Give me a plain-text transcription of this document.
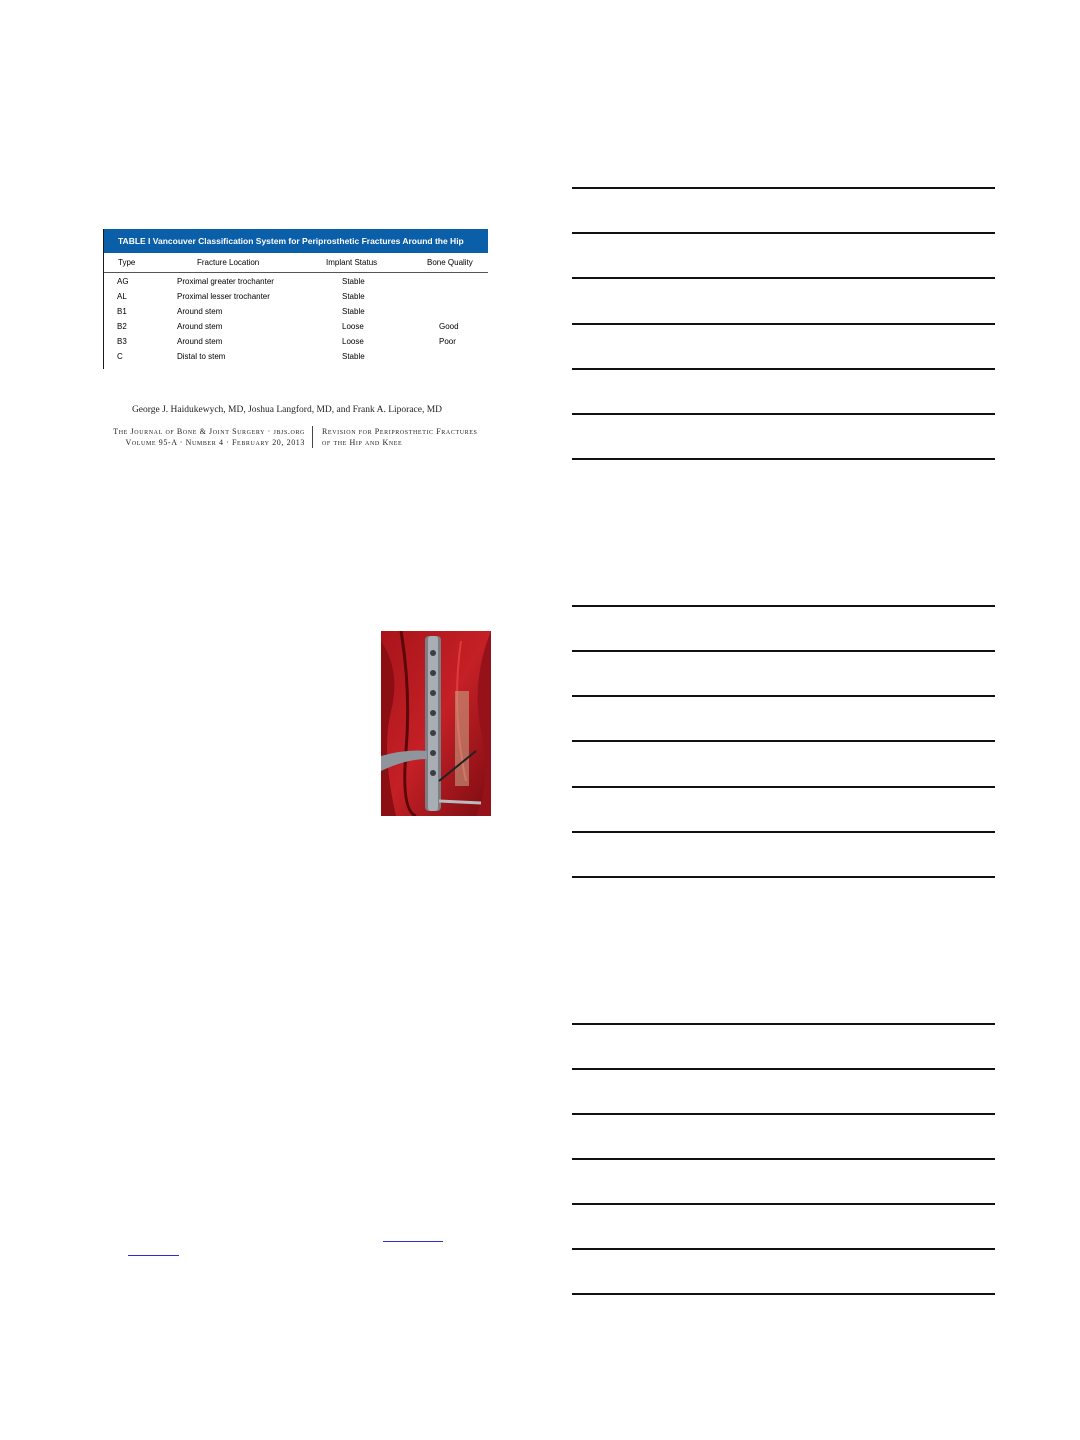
TABLE I Vancouver Classification System for Periprosthetic Fractures Around the Hip
Type	Fracture Location	Implant Status	Bone Quality
AG	Proximal greater trochanter	Stable
AL	Proximal lesser trochanter	Stable
B1	Around stem	Stable
B2	Around stem	Loose	Good
B3	Around stem	Loose	Poor
C	Distal to stem	Stable
George J. Haidukewych, MD, Joshua Langford, MD, and Frank A. Liporace, MD
The Journal of Bone & Joint Surgery · jbjs.org
Volume 95-A · Number 4 · February 20, 2013
Revision for Periprosthetic Fractures
of the Hip and Knee
